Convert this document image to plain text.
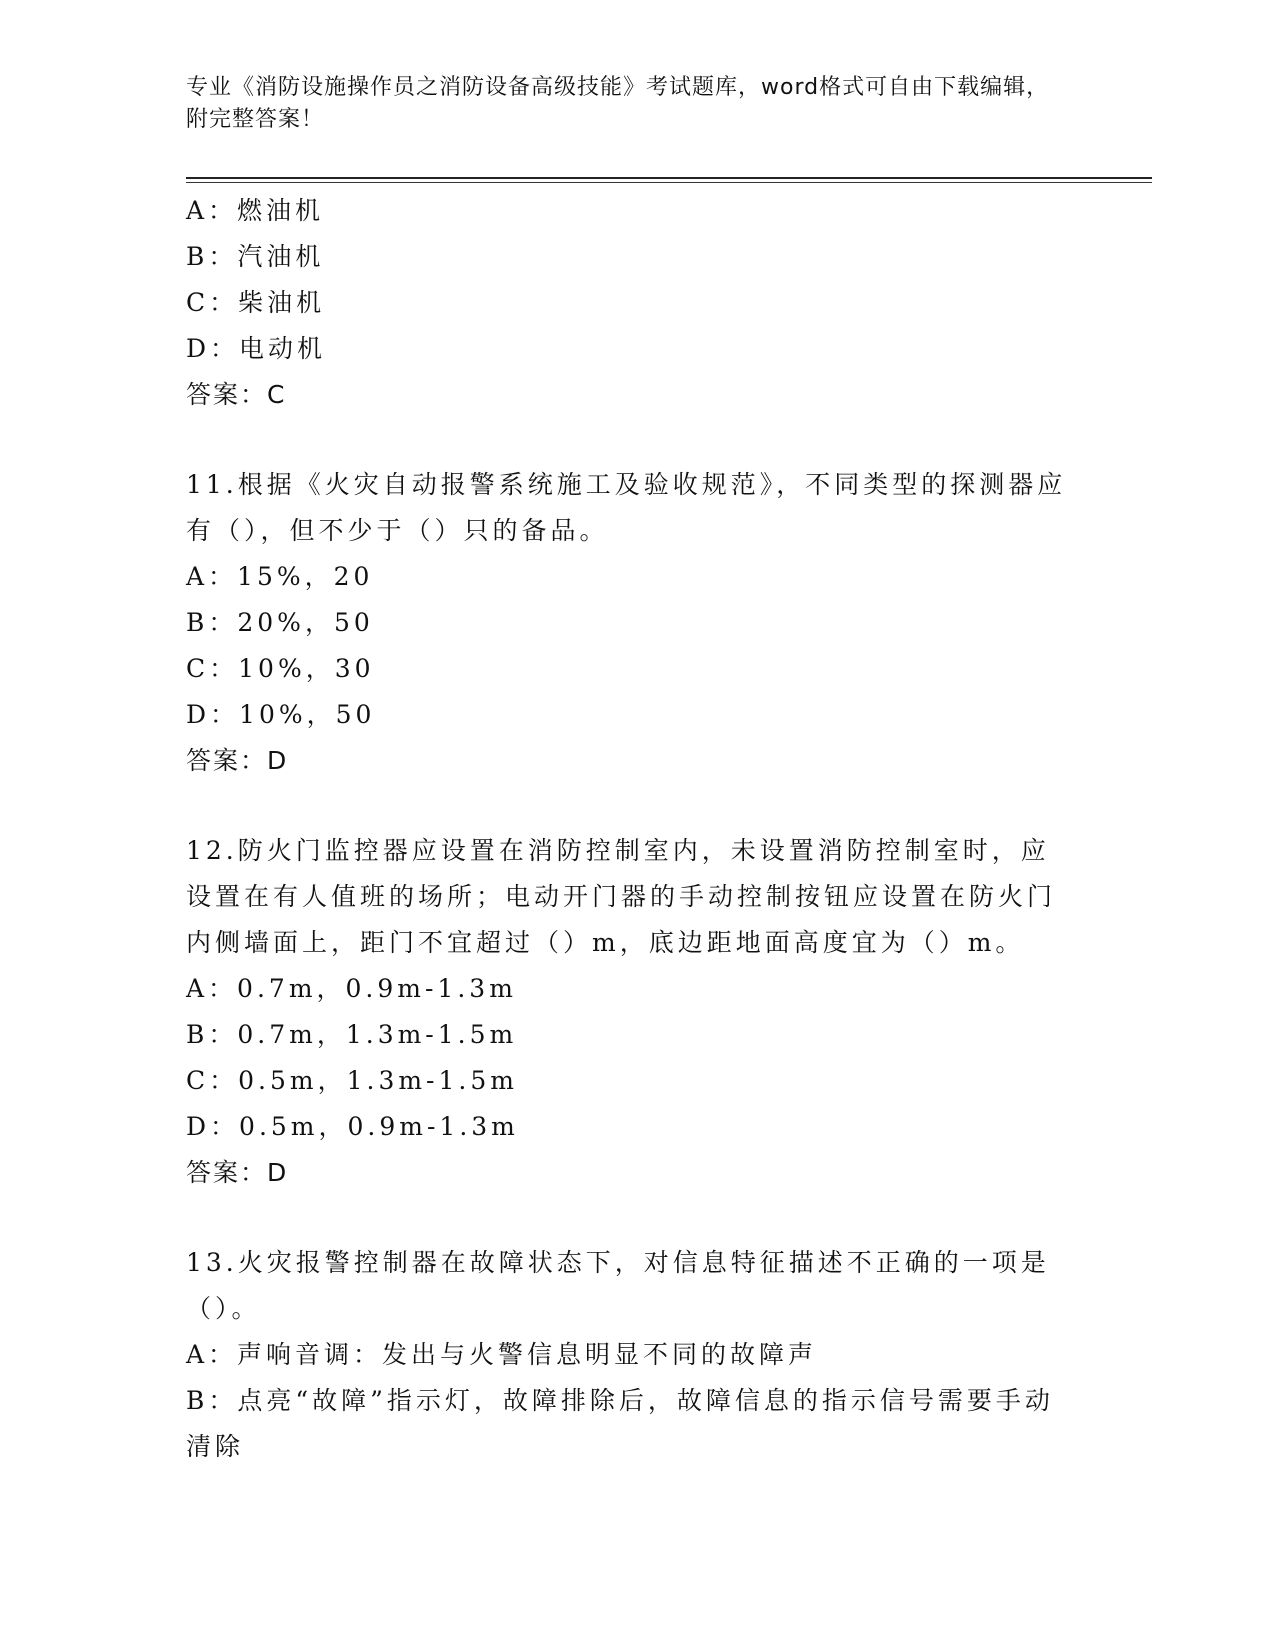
专业《消防设施操作员之消防设备高级技能》考试题库，word格式可自由下载编辑，附完整答案！
A：燃油机
B：汽油机
C：柴油机
D：电动机
答案：C
11.根据《火灾自动报警系统施工及验收规范》，不同类型的探测器应有（），但不少于（）只的备品。
A：15%，20
B：20%，50
C：10%，30
D：10%，50
答案：D
12.防火门监控器应设置在消防控制室内，未设置消防控制室时，应设置在有人值班的场所；电动开门器的手动控制按钮应设置在防火门内侧墙面上，距门不宜超过（）m，底边距地面高度宜为（）m。
A：0.7m，0.9m-1.3m
B：0.7m，1.3m-1.5m
C：0.5m，1.3m-1.5m
D：0.5m，0.9m-1.3m
答案：D
13.火灾报警控制器在故障状态下，对信息特征描述不正确的一项是（）。
A：声响音调：发出与火警信息明显不同的故障声
B：点亮“故障”指示灯，故障排除后，故障信息的指示信号需要手动清除
